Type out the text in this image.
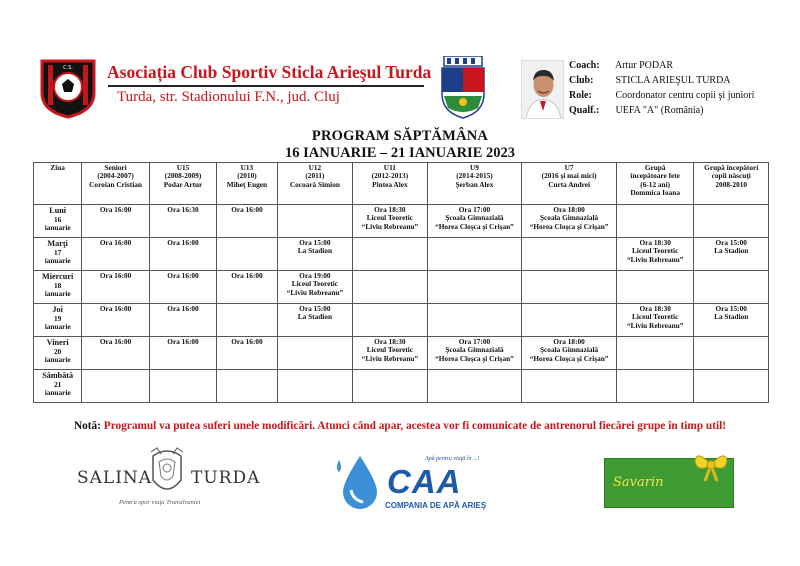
C.S. Asociația Club Sportiv Sticla Arieşul Turda
Turda, str. Stadionului F.N., jud. Cluj
Coach: Artur PODAR
Club: STICLA ARIEŞUL TURDA
Role: Coordonator centru copii şi juniori
Qualf.: UEFA "A" (România)
PROGRAM SĂPTĂMÂNA
16 IANUARIE – 21 IANUARIE 2023
Ziua	Seniori
(2004-2007)
Coroian Cristian	U15
(2008-2009)
Podar Artur	U13
(2010)
Miheţ Eugen	U12
(2011)
Cocoară Simion	U11
(2012-2013)
Pintea Alex	U9
(2014-2015)
Şerban Alex	U7
(2016 şi mai mici)
Curta Andrei	Grupă
începătoare fete
(6-12 ani)
Dommica Ioana	Grupă începători
copii născuţi
2008-2010

Luni
16
ianuarie	Ora 16:00	Ora 16:30	Ora 16:00		Ora 18:30
Liceul Teoretic
“Liviu Rebreanu”	Ora 17:00
Şcoala Gimnazială
“Horea Cloşca şi Crişan”	Ora 18:00
Şcoala Gimnazială
“Horea Cloşca şi Crişan”		

Marţi
17
ianuarie	Ora 16:00	Ora 16:00		Ora 15:00
La Stadion				Ora 18:30
Liceul Teoretic
“Liviu Rebreanu”	Ora 15:00
La Stadion

Miercuri
18
ianuarie	Ora 16:00	Ora 16:00	Ora 16:00	Ora 19:00
Liceul Teoretic
“Liviu Rebreanu”					

Joi
19
ianuarie	Ora 16:00	Ora 16:00		Ora 15:00
La Stadion				Ora 18:30
Liceul Teoretic
“Liviu Rebreanu”	Ora 15:00
La Stadion

Vineri
20
ianuarie	Ora 16:00	Ora 16:00	Ora 16:00		Ora 18:30
Liceul Teoretic
“Liviu Rebreanu”	Ora 17:00
Şcoala Gimnazială
“Horea Cloşca şi Crişan”	Ora 18:00
Şcoala Gimnazială
“Horea Cloşca şi Crişan”		

Sâmbătă
21
ianuarie									

Notă: Programul va putea suferi unele modificări. Atunci când apar, acestea vor fi comunicate de antrenorul fiecărei grupe în timp util!
SALINA TURDA
Pentru spor viaţa Transilvaniei
Apă pentru viaţă în ...!
CAA
COMPANIA DE APĂ ARIEŞ
Savarin
